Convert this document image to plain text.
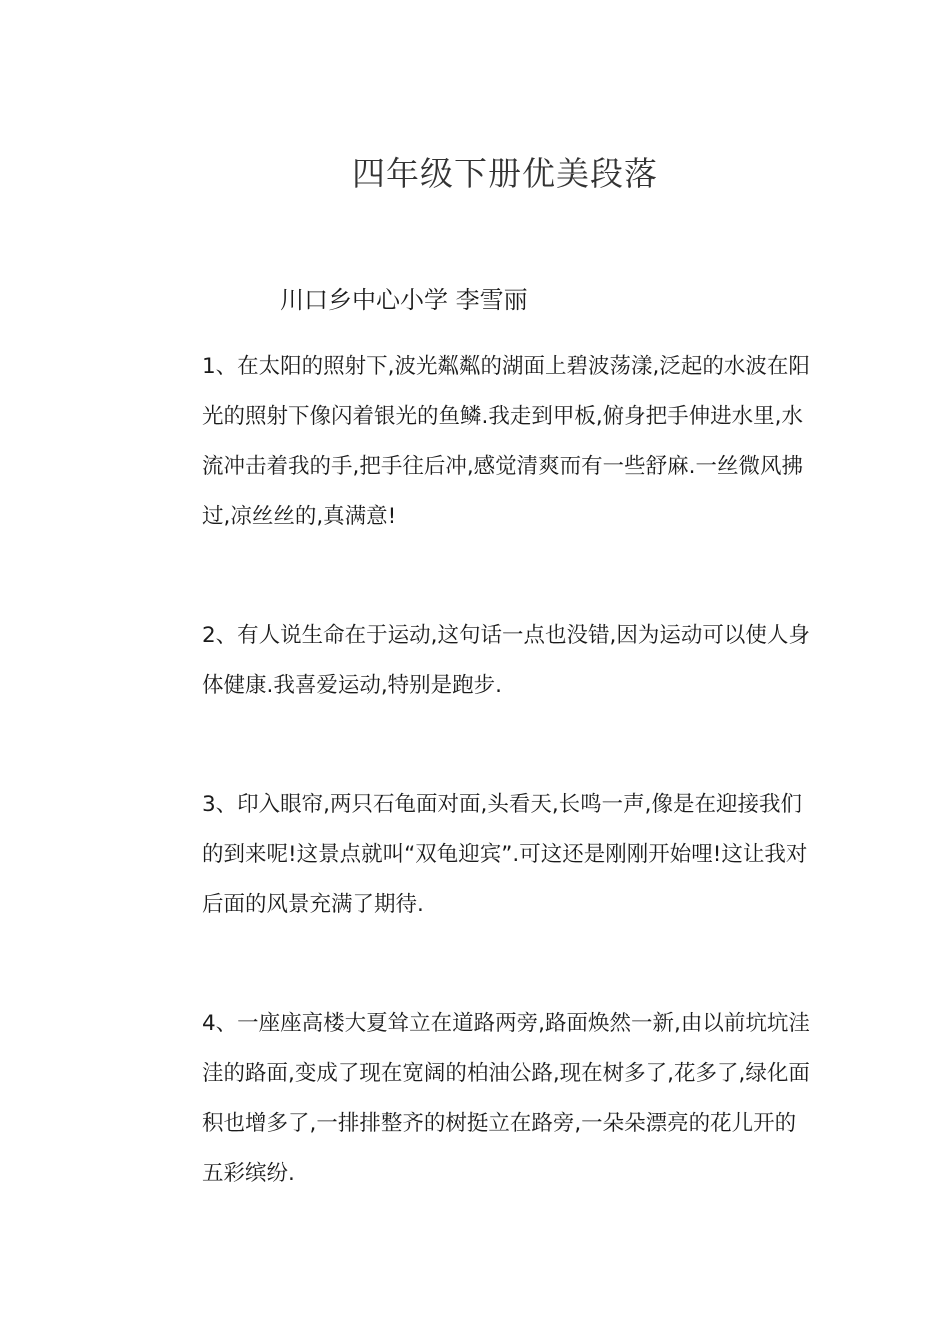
四年级下册优美段落

川口乡中心小学 李雪丽

1、在太阳的照射下,波光粼粼的湖面上碧波荡漾,泛起的水波在阳光的照射下像闪着银光的鱼鳞.我走到甲板,俯身把手伸进水里,水流冲击着我的手,把手往后冲,感觉清爽而有一些舒麻.一丝微风拂过,凉丝丝的,真满意!

2、有人说生命在于运动,这句话一点也没错,因为运动可以使人身体健康.我喜爱运动,特别是跑步.

3、印入眼帘,两只石龟面对面,头看天,长鸣一声,像是在迎接我们的到来呢!这景点就叫“双龟迎宾”.可这还是刚刚开始哩!这让我对后面的风景充满了期待.

4、一座座高楼大夏耸立在道路两旁,路面焕然一新,由以前坑坑洼洼的路面,变成了现在宽阔的柏油公路,现在树多了,花多了,绿化面积也增多了,一排排整齐的树挺立在路旁,一朵朵漂亮的花儿开的五彩缤纷.
